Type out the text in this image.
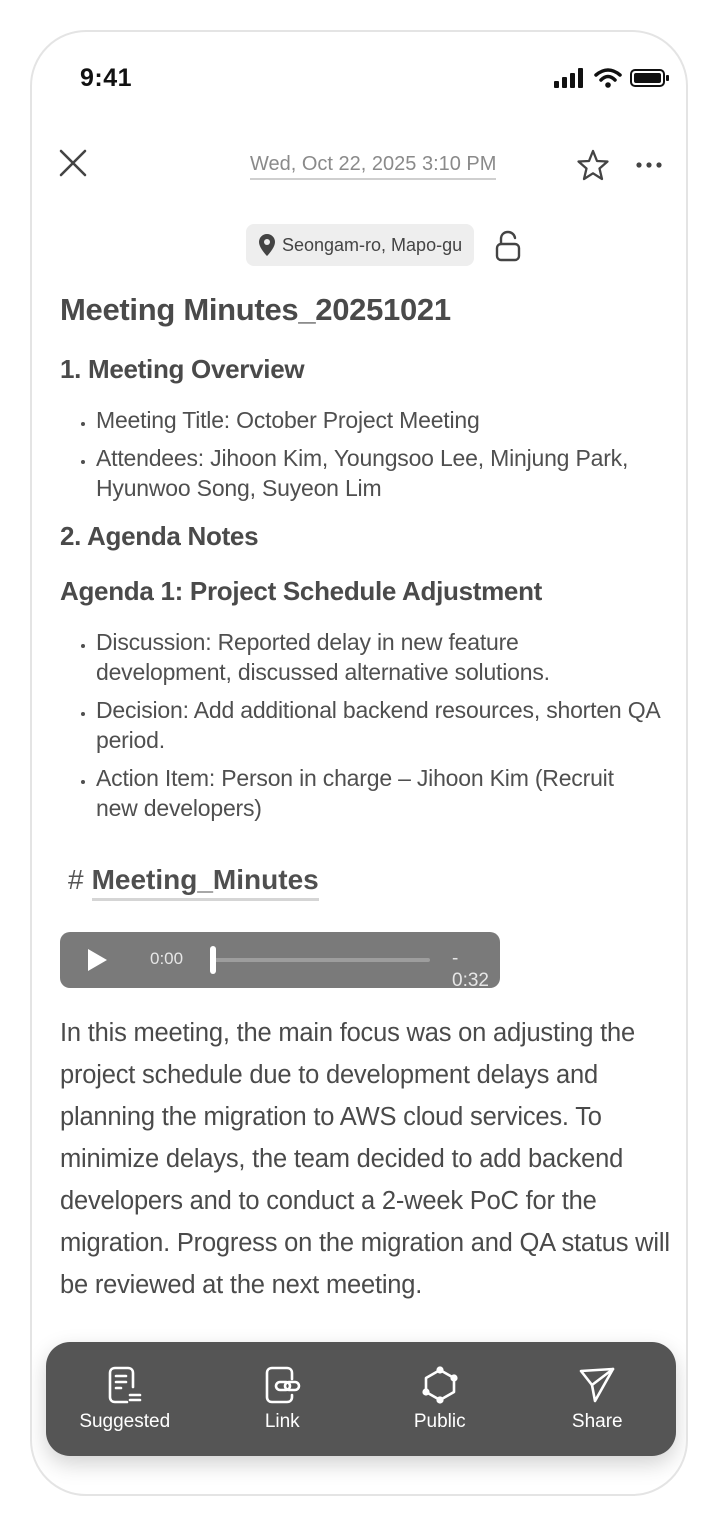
9:41
Wed, Oct 22, 2025 3:10 PM
Seongam-ro, Mapo-gu
Meeting Minutes_20251021
1. Meeting Overview
• Meeting Title: October Project Meeting
• Attendees: Jihoon Kim, Youngsoo Lee, Minjung Park, Hyunwoo Song, Suyeon Lim
2. Agenda Notes
Agenda 1: Project Schedule Adjustment
• Discussion: Reported delay in new feature development, discussed alternative solutions.
• Decision: Add additional backend resources, shorten QA period.
• Action Item: Person in charge – Jihoon Kim (Recruit new developers)
# Meeting_Minutes
0:00	- 0:32
In this meeting, the main focus was on adjusting the project schedule due to development delays and planning the migration to AWS cloud services. To minimize delays, the team decided to add backend developers and to conduct a 2-week PoC for the migration. Progress on the migration and QA status will be reviewed at the next meeting.
Suggested	Link	Public	Share
